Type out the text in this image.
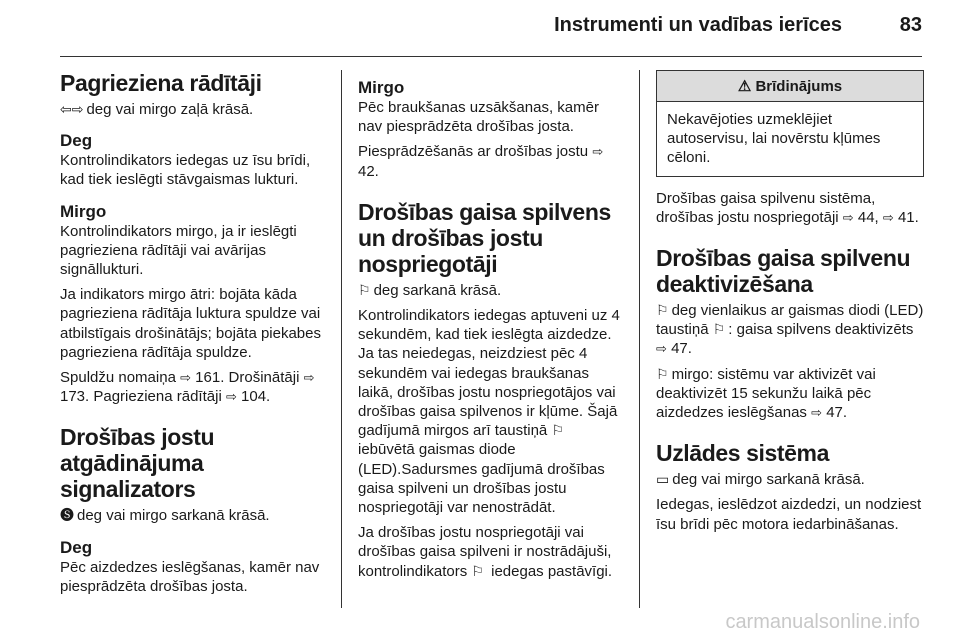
Instrumenti un vadības ierīces	83
Pagrieziena rādītāji

⇦⇨ deg vai mirgo zaļā krāsā.

Deg

Kontrolindikators iedegas uz īsu brīdi, kad tiek ieslēgti stāvgaismas lukturi.

Mirgo

Kontrolindikators mirgo, ja ir ieslēgti pagrieziena rādītāji vai avārijas signāllukturi.

Ja indikators mirgo ātri: bojāta kāda pagrieziena rādītāja luktura spuldze vai atbilstīgais drošinātājs; bojāta piekabes pagrieziena rādītāja spuldze.

Spuldžu nomaiņa ⇨ 161. Drošinātāji ⇨ 173. Pagrieziena rādītāji ⇨ 104.

Drošības jostu atgādinājuma signalizators

🅢 deg vai mirgo sarkanā krāsā.

Deg

Pēc aizdedzes ieslēgšanas, kamēr nav piesprādzēta drošības josta.

Mirgo

Pēc braukšanas uzsākšanas, kamēr nav piesprādzēta drošības josta.

Piesprādzēšanās ar drošības jostu ⇨ 42.

Drošības gaisa spilvens un drošības jostu nospriegotāji

⚐ deg sarkanā krāsā.

Kontrolindikators iedegas aptuveni uz 4 sekundēm, kad tiek ieslēgta aizdedze. Ja tas neiedegas, neizdziest pēc 4 sekundēm vai iedegas braukšanas laikā, drošības jostu nospriegotājos vai drošības gaisa spilvenos ir kļūme. Šajā gadījumā mirgos arī taustiņā ⚐ iebūvētā gaismas diode (LED).Sadursmes gadījumā drošības gaisa spilveni un drošības jostu nospriegotāji var nenostrādāt.

Ja drošības jostu nospriegotāji vai drošības gaisa spilveni ir nostrādājuši, kontrolindikators ⚐ iedegas pastāvīgi.

⚠ Brīdinājums
Nekavējoties uzmeklējiet autoservisu, lai novērstu kļūmes cēloni.

Drošības gaisa spilvenu sistēma, drošības jostu nospriegotāji ⇨ 44, ⇨ 41.

Drošības gaisa spilvenu deaktivizēšana

⚐ deg vienlaikus ar gaismas diodi (LED) taustiņā ⚐ : gaisa spilvens deaktivizēts ⇨ 47.

⚐ mirgo: sistēmu var aktivizēt vai deaktivizēt 15 sekunžu laikā pēc aizdedzes ieslēgšanas ⇨ 47.

Uzlādes sistēma

▭ deg vai mirgo sarkanā krāsā.

Iedegas, ieslēdzot aizdedzi, un nodziest īsu brīdi pēc motora iedarbināšanas.

carmanualsonline.info
